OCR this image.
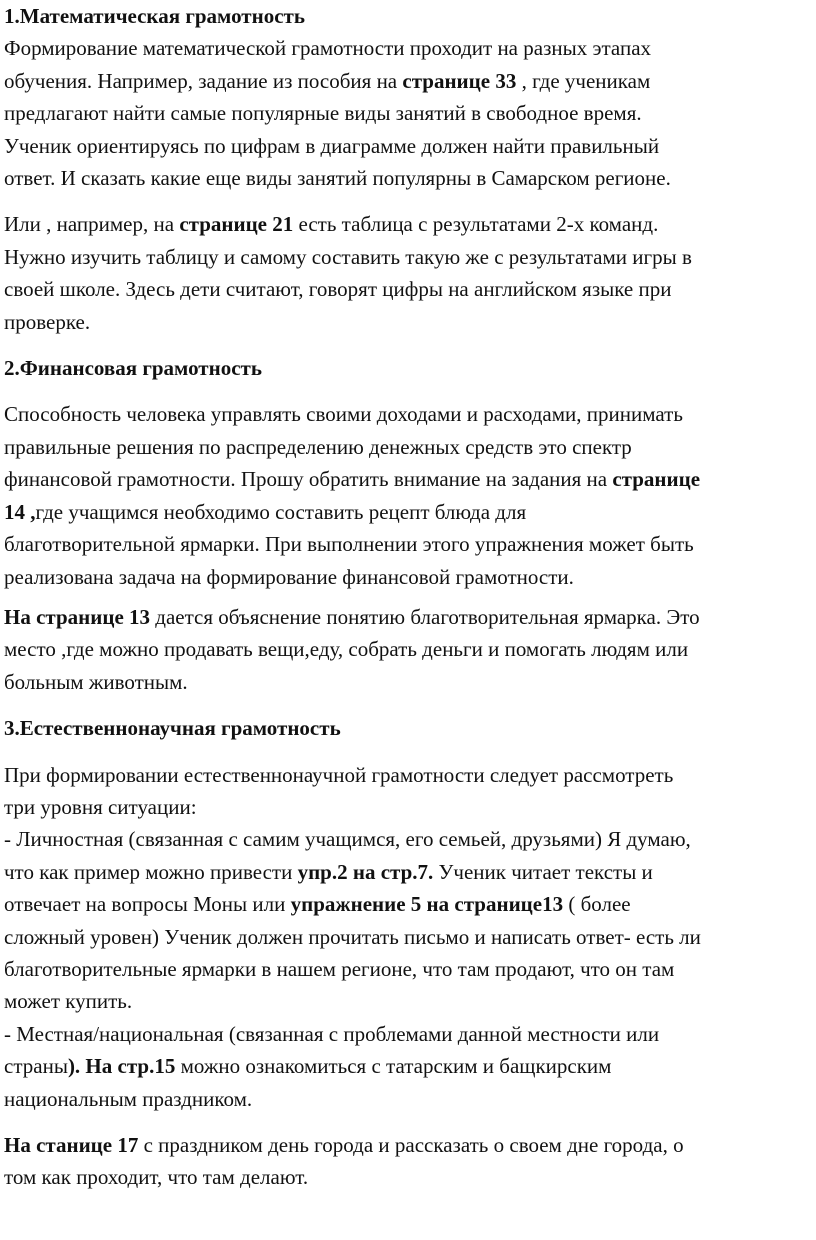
1.Математическая грамотность
Формирование математической грамотности проходит на разных этапах
обучения. Например, задание из пособия на странице 33 , где ученикам
предлагают найти самые популярные виды занятий в свободное время.
Ученик ориентируясь по цифрам в диаграмме должен найти правильный
ответ. И сказать какие еще виды занятий популярны в Самарском регионе.
Или , например, на странице 21 есть таблица с результатами 2-х команд.
Нужно изучить таблицу и самому составить такую же с результатами игры в
своей школе. Здесь дети считают, говорят цифры на английском языке при
проверке.
2.Финансовая грамотность
Способность человека управлять своими доходами и расходами, принимать
правильные решения по распределению денежных средств это спектр
финансовой грамотности. Прошу обратить внимание на задания на странице
14 ,где учащимся необходимо составить рецепт блюда для
благотворительной ярмарки. При выполнении этого упражнения может быть
реализована задача на формирование финансовой грамотности.
На странице 13 дается объяснение понятию благотворительная ярмарка. Это
место ,где можно продавать вещи,еду, собрать деньги и помогать людям или
больным животным.
3.Естественнонаучная грамотность
При формировании естественнонаучной грамотности следует рассмотреть
три уровня ситуации:
- Личностная (связанная с самим учащимся, его семьей, друзьями) Я думаю,
что как пример можно привести упр.2 на стр.7. Ученик читает тексты и
отвечает на вопросы Моны или упражнение 5 на странице13 ( более
сложный уровен) Ученик должен прочитать письмо и написать ответ- есть ли
благотворительные ярмарки в нашем регионе, что там продают, что он там
может купить.
- Местная/национальная (связанная с проблемами данной местности или
страны). На стр.15 можно ознакомиться с татарским и бащкирским
национальным праздником.
На станице 17 с праздником день города и рассказать о своем дне города, о
том как проходит, что там делают.
